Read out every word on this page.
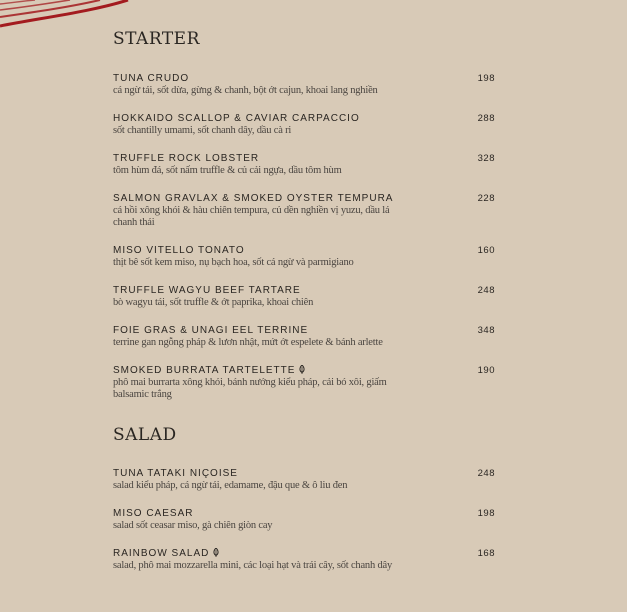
STARTER
TUNA CRUDO
cá ngừ tái, sốt dừa, gừng & chanh, bột ớt cajun, khoai lang nghiền
198
HOKKAIDO SCALLOP & CAVIAR CARPACCIO
sốt chantilly umami, sốt chanh dây, dầu cà ri
288
TRUFFLE ROCK LOBSTER
tôm hùm đá, sốt nấm truffle & củ cải ngựa, dầu tôm hùm
328
SALMON GRAVLAX & SMOKED OYSTER TEMPURA
cá hồi xông khói & hàu chiên tempura, củ dền nghiền vị yuzu, dầu lá chanh thái
228
MISO VITELLO TONATO
thịt bê sốt kem miso, nụ bạch hoa, sốt cá ngừ và parmigiano
160
TRUFFLE WAGYU BEEF TARTARE
bò wagyu tái, sốt truffle & ớt paprika, khoai chiên
248
FOIE GRAS & UNAGI EEL TERRINE
terrine gan ngỗng pháp & lươn nhật, mứt ớt espelete & bánh arlette
348
SMOKED BURRATA TARTELETTE
phô mai burrarta xông khói, bánh nướng kiểu pháp, cải bó xôi, giấm balsamic trắng
190
SALAD
TUNA TATAKI NIÇOISE
salad kiểu pháp, cá ngừ tái, edamame, đậu que & ô liu đen
248
MISO CAESAR
salad sốt ceasar miso, gà chiên giòn cay
198
RAINBOW SALAD
salad, phô mai mozzarella mini, các loại hạt và trái cây, sốt chanh dây
168
